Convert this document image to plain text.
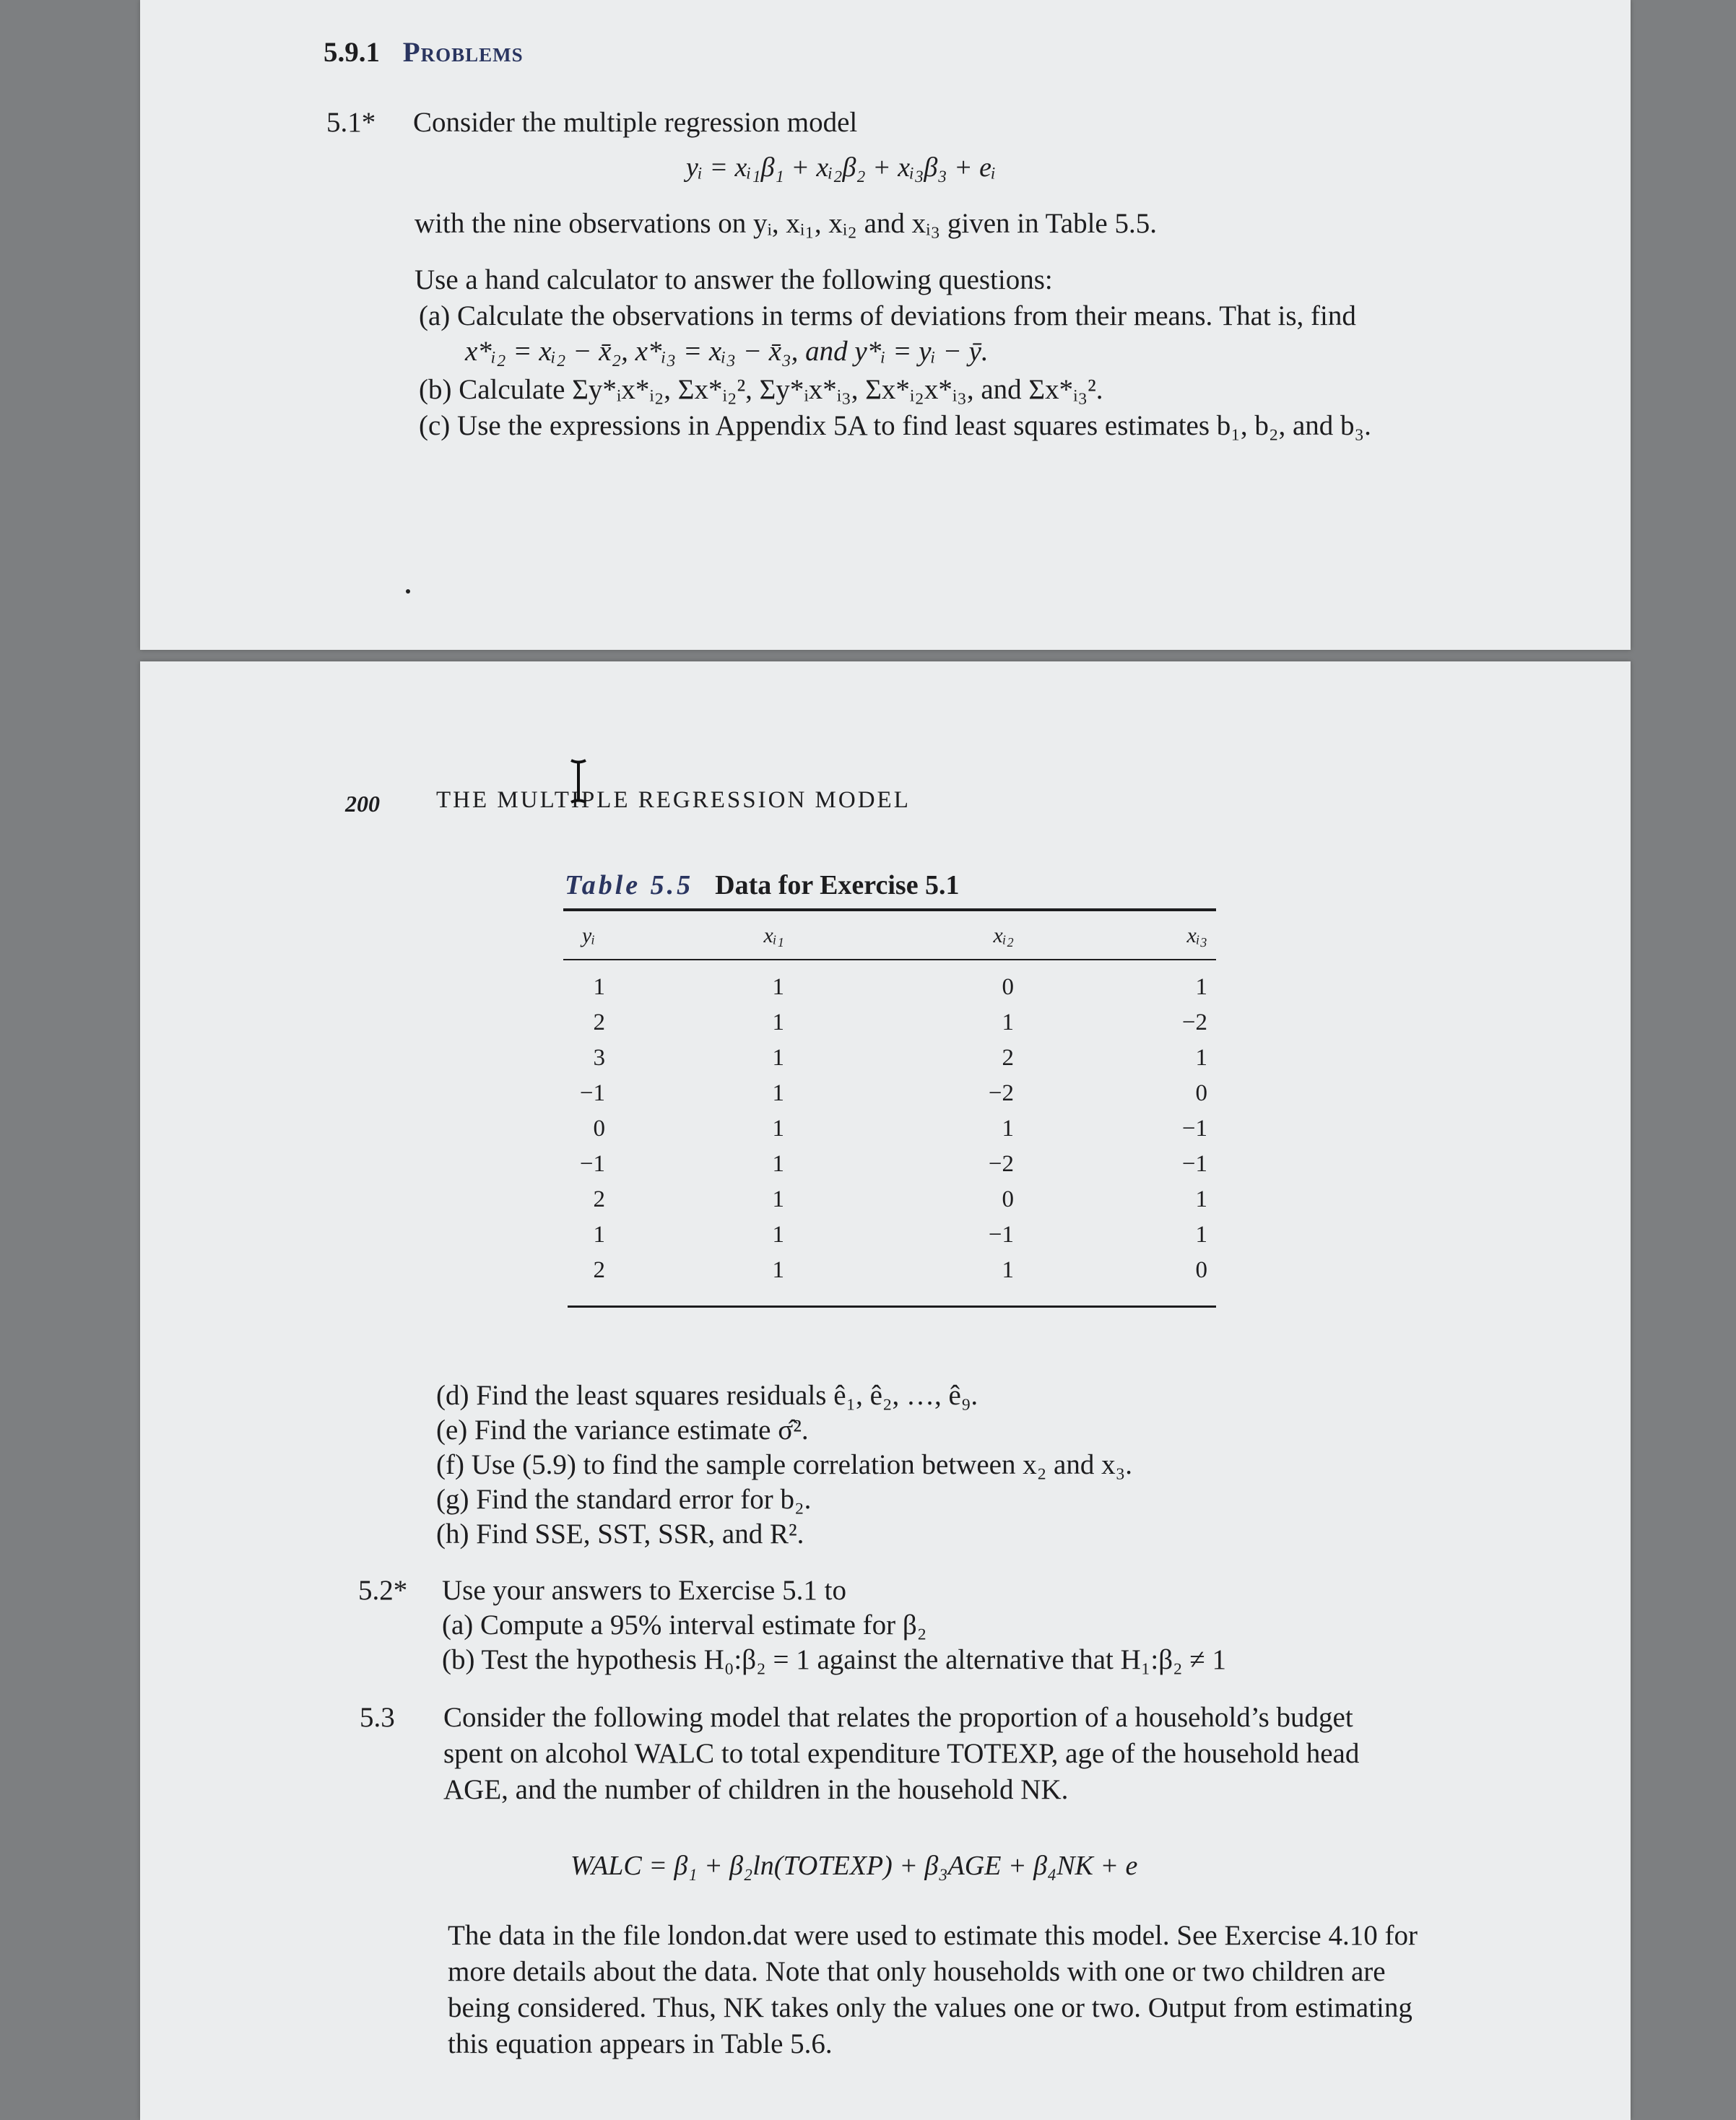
5.9.1 Problems
5.1* Consider the multiple regression model
yᵢ = xᵢ₁β₁ + xᵢ₂β₂ + xᵢ₃β₃ + eᵢ
with the nine observations on yᵢ, xᵢ₁, xᵢ₂ and xᵢ₃ given in Table 5.5.
Use a hand calculator to answer the following questions:
(a) Calculate the observations in terms of deviations from their means. That is, find
x*ᵢ₂ = xᵢ₂ − x̄₂, x*ᵢ₃ = xᵢ₃ − x̄₃, and y*ᵢ = yᵢ − ȳ.
(b) Calculate Σy*ᵢx*ᵢ₂, Σx*ᵢ₂², Σy*ᵢx*ᵢ₃, Σx*ᵢ₂x*ᵢ₃, and Σx*ᵢ₃².
(c) Use the expressions in Appendix 5A to find least squares estimates b₁, b₂, and b₃.
200 THE MULTIPLE REGRESSION MODEL
Table 5.5 Data for Exercise 5.1
yᵢ	xᵢ₁	xᵢ₂	xᵢ₃

1	1	0	1
2	1	1	−2
3	1	2	1
−1	1	−2	0
0	1	1	−1
−1	1	−2	−1
2	1	0	1
1	1	−1	1
2	1	1	0
(d) Find the least squares residuals ê₁, ê₂, …, ê₉.
(e) Find the variance estimate σ̂².
(f) Use (5.9) to find the sample correlation between x₂ and x₃.
(g) Find the standard error for b₂.
(h) Find SSE, SST, SSR, and R².
5.2* Use your answers to Exercise 5.1 to
(a) Compute a 95% interval estimate for β₂
(b) Test the hypothesis H₀:β₂ = 1 against the alternative that H₁:β₂ ≠ 1
5.3 Consider the following model that relates the proportion of a household’s budget
spent on alcohol WALC to total expenditure TOTEXP, age of the household head
AGE, and the number of children in the household NK.
WALC = β₁ + β₂ln(TOTEXP) + β₃AGE + β₄NK + e
The data in the file london.dat were used to estimate this model. See Exercise 4.10 for
more details about the data. Note that only households with one or two children are
being considered. Thus, NK takes only the values one or two. Output from estimating
this equation appears in Table 5.6.
